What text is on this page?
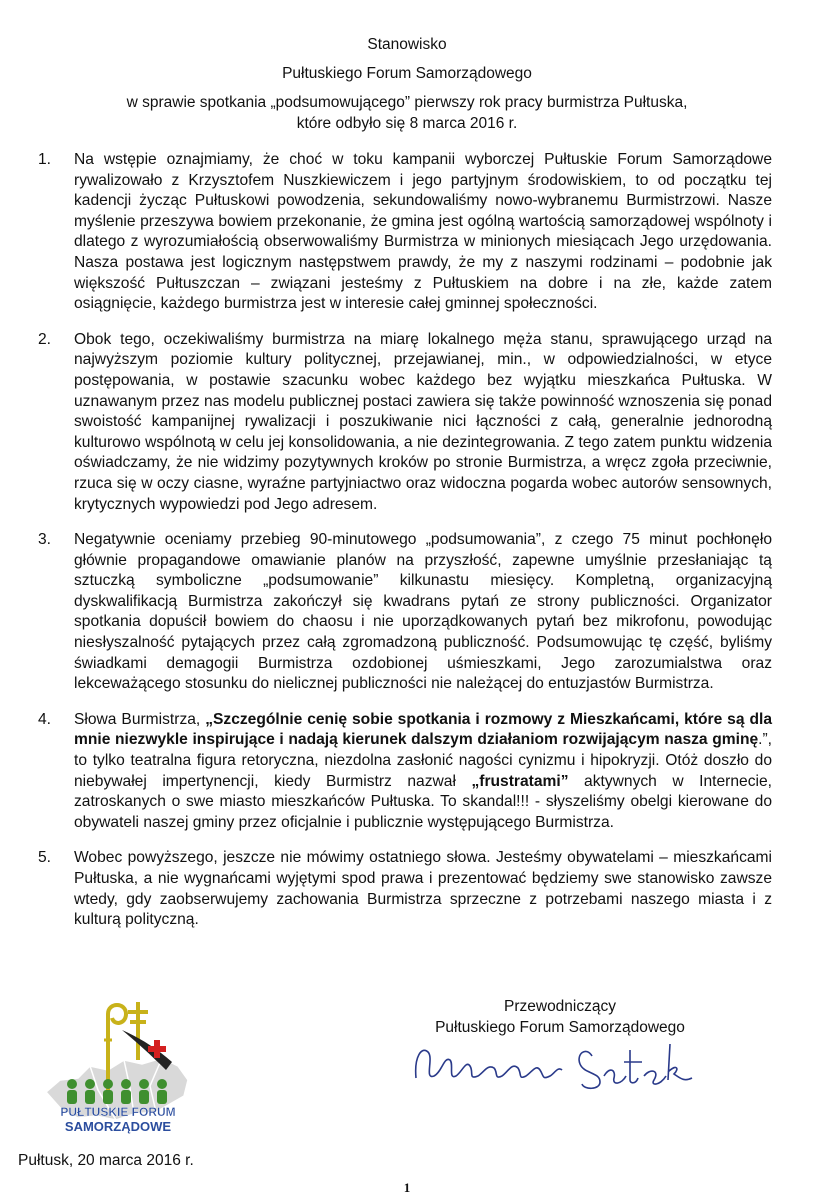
Stanowisko
Pułtuskiego Forum Samorządowego
w sprawie spotkania „podsumowującego” pierwszy rok pracy burmistrza Pułtuska,
które odbyło się 8 marca 2016 r.
1.	Na wstępie oznajmiamy, że choć w toku kampanii wyborczej Pułtuskie Forum Samorządowe rywalizowało z Krzysztofem Nuszkiewiczem i jego partyjnym środowiskiem, to od początku tej kadencji życząc Pułtuskowi powodzenia, sekundowaliśmy nowo-wybranemu Burmistrzowi. Nasze myślenie przeszywa bowiem przekonanie, że gmina jest ogólną wartością samorządowej wspólnoty i dlatego z wyrozumiałością obserwowaliśmy Burmistrza w minionych miesiącach Jego urzędowania. Nasza postawa jest logicznym następstwem prawdy, że my z naszymi rodzinami – podobnie jak większość Pułtuszczan – związani jesteśmy z Pułtuskiem na dobre i na złe, każde zatem osiągnięcie, każdego burmistrza jest w interesie całej gminnej społeczności.
2.	Obok tego, oczekiwaliśmy burmistrza na miarę lokalnego męża stanu, sprawującego urząd na najwyższym poziomie kultury politycznej, przejawianej, min., w odpowiedzialności, w etyce postępowania, w postawie szacunku wobec każdego bez wyjątku mieszkańca Pułtuska. W uznawanym przez nas modelu publicznej postaci zawiera się także powinność wznoszenia się ponad swoistość kampanijnej rywalizacji i poszukiwanie nici łączności z całą, generalnie jednorodną kulturowo wspólnotą w celu jej konsolidowania, a nie dezintegrowania. Z tego zatem punktu widzenia oświadczamy, że nie widzimy pozytywnych kroków po stronie Burmistrza, a wręcz zgoła przeciwnie, rzuca się w oczy ciasne, wyraźne partyjniactwo oraz widoczna pogarda wobec autorów sensownych, krytycznych wypowiedzi pod Jego adresem.
3.	Negatywnie oceniamy przebieg 90-minutowego „podsumowania”, z czego 75 minut pochłonęło głównie propagandowe omawianie planów na przyszłość, zapewne umyślnie przesłaniając tą sztuczką symboliczne „podsumowanie” kilkunastu miesięcy. Kompletną, organizacyjną dyskwalifikacją Burmistrza zakończył się kwadrans pytań ze strony publiczności. Organizator spotkania dopuścił bowiem do chaosu i nie uporządkowanych pytań bez mikrofonu, powodując niesłyszalność pytających przez całą zgromadzoną publiczność. Podsumowując tę część, byliśmy świadkami demagogii Burmistrza ozdobionej uśmieszkami, Jego zarozumialstwa oraz lekceważącego stosunku do nielicznej publiczności nie należącej do entuzjastów Burmistrza.
4.	Słowa Burmistrza, „Szczególnie cenię sobie spotkania i rozmowy z Mieszkańcami, które są dla mnie niezwykle inspirujące i nadają kierunek dalszym działaniom rozwijającym nasza gminę.”, to tylko teatralna figura retoryczna, niezdolna zasłonić nagości cynizmu i hipokryzji. Otóż doszło do niebywałej impertynencji, kiedy Burmistrz nazwał „frustratami” aktywnych w Internecie, zatroskanych o swe miasto mieszkańców Pułtuska. To skandal!!! - słyszeliśmy obelgi kierowane do obywateli naszej gminy przez oficjalnie i publicznie występującego Burmistrza.
5.	Wobec powyższego, jeszcze nie mówimy ostatniego słowa. Jesteśmy obywatelami – mieszkańcami Pułtuska, a nie wygnańcami wyjętymi spod prawa i prezentować będziemy swe stanowisko zawsze wtedy, gdy zaobserwujemy zachowania Burmistrza sprzeczne z potrzebami naszego miasta i z kulturą polityczną.
PUŁTUSKIE FORUM
SAMORZĄDOWE
Przewodniczący
Pułtuskiego Forum Samorządowego
Pułtusk, 20 marca 2016 r.
1
